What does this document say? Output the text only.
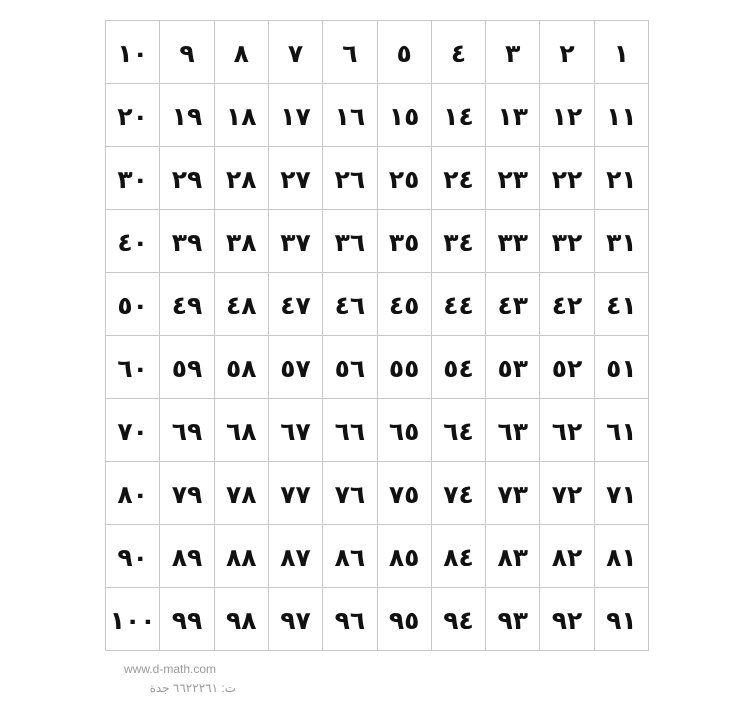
١
٢
٣
٤
٥
٦
٧
٨
٩
١٠
١١
١٢
١٣
١٤
١٥
١٦
١٧
١٨
١٩
٢٠
٢١
٢٢
٢٣
٢٤
٢٥
٢٦
٢٧
٢٨
٢٩
٣٠
٣١
٣٢
٣٣
٣٤
٣٥
٣٦
٣٧
٣٨
٣٩
٤٠
٤١
٤٢
٤٣
٤٤
٤٥
٤٦
٤٧
٤٨
٤٩
٥٠
٥١
٥٢
٥٣
٥٤
٥٥
٥٦
٥٧
٥٨
٥٩
٦٠
٦١
٦٢
٦٣
٦٤
٦٥
٦٦
٦٧
٦٨
٦٩
٧٠
٧١
٧٢
٧٣
٧٤
٧٥
٧٦
٧٧
٧٨
٧٩
٨٠
٨١
٨٢
٨٣
٨٤
٨٥
٨٦
٨٧
٨٨
٨٩
٩٠
٩١
٩٢
٩٣
٩٤
٩٥
٩٦
٩٧
٩٨
٩٩
١٠٠
www.d-math.com
ت: ٦٦٢٢٢٦١ جدة
